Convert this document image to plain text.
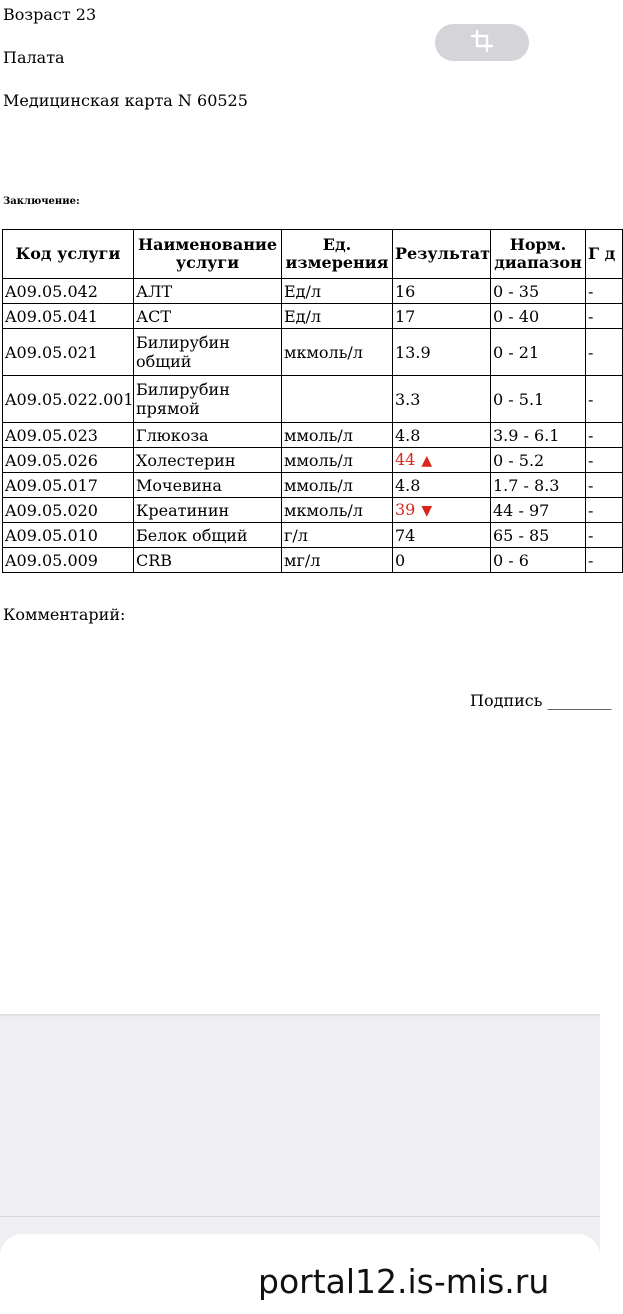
Возраст 23
Палата
Медицинская карта N 60525
Заключение:
Код услуги	Наименование услуги	Ед. измерения	Результат	Норм. диапазон	Г д
A09.05.042	АЛТ	Ед/л	16	0 - 35	-
A09.05.041	АСТ	Ед/л	17	0 - 40	-
A09.05.021	Билирубин общий	мкмоль/л	13.9	0 - 21	-
A09.05.022.001	Билирубин прямой		3.3	0 - 5.1	-
A09.05.023	Глюкоза	ммоль/л	4.8	3.9 - 6.1	-
A09.05.026	Холестерин	ммоль/л	44 ▲	0 - 5.2	-
A09.05.017	Мочевина	ммоль/л	4.8	1.7 - 8.3	-
A09.05.020	Креатинин	мкмоль/л	39 ▼	44 - 97	-
A09.05.010	Белок общий	г/л	74	65 - 85	-
A09.05.009	CRB	мг/л	0	0 - 6	-
Комментарий:
Подпись ________
portal12.is-mis.ru
